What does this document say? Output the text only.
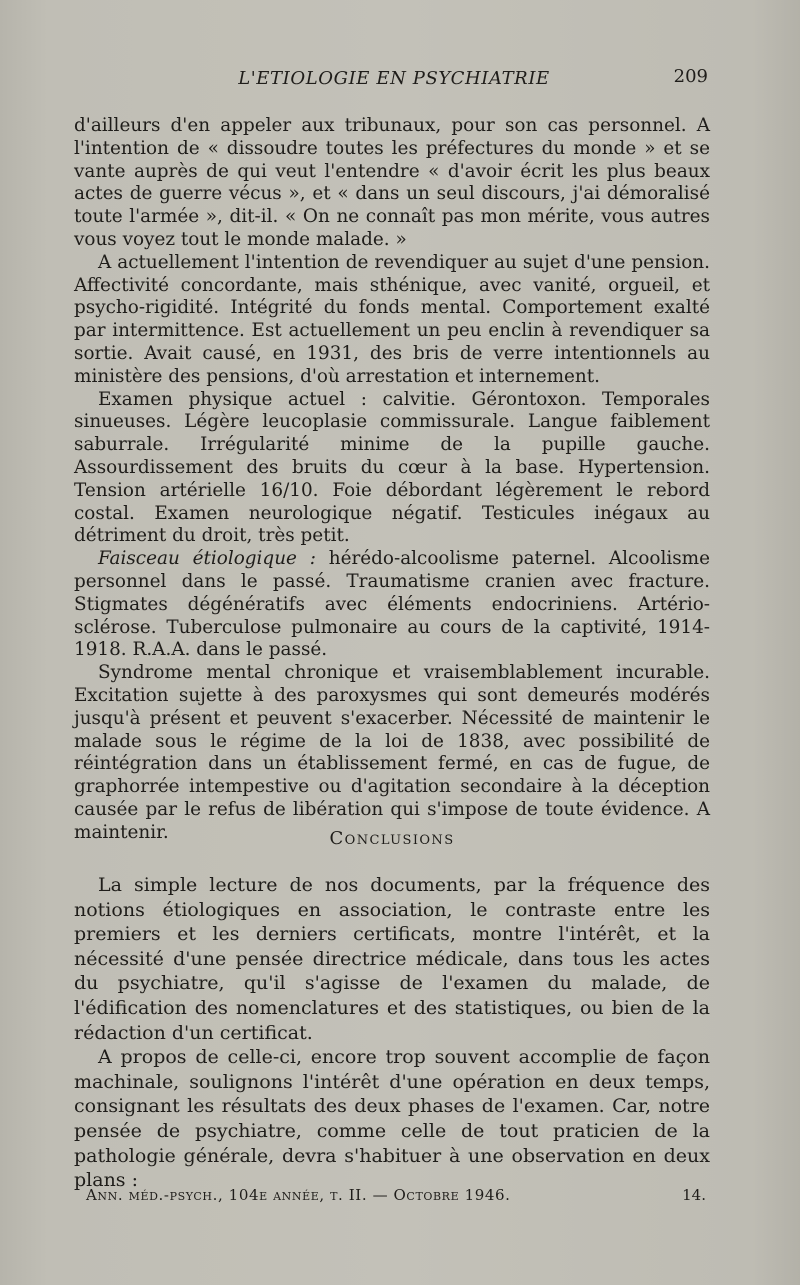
L'ETIOLOGIE EN PSYCHIATRIE	209

d'ailleurs d'en appeler aux tribunaux, pour son cas personnel. A l'intention de « dissoudre toutes les préfectures du monde » et se vante auprès de qui veut l'entendre « d'avoir écrit les plus beaux actes de guerre vécus », et « dans un seul discours, j'ai démoralisé toute l'armée », dit-il. « On ne connaît pas mon mérite, vous autres vous voyez tout le monde malade. »

A actuellement l'intention de revendiquer au sujet d'une pension. Affectivité concordante, mais sthénique, avec vanité, orgueil, et psycho-rigidité. Intégrité du fonds mental. Comportement exalté par intermittence. Est actuellement un peu enclin à revendiquer sa sortie. Avait causé, en 1931, des bris de verre intentionnels au ministère des pensions, d'où arrestation et internement.

Examen physique actuel : calvitie. Gérontoxon. Temporales sinueuses. Légère leucoplasie commissurale. Langue faiblement saburrale. Irrégularité minime de la pupille gauche. Assourdissement des bruits du cœur à la base. Hypertension. Tension artérielle 16/10. Foie débordant légèrement le rebord costal. Examen neurologique négatif. Testicules inégaux au détriment du droit, très petit.

Faisceau étiologique : hérédo-alcoolisme paternel. Alcoolisme personnel dans le passé. Traumatisme cranien avec fracture. Stigmates dégénératifs avec éléments endocriniens. Artério-sclérose. Tuberculose pulmonaire au cours de la captivité, 1914-1918. R.A.A. dans le passé.

Syndrome mental chronique et vraisemblablement incurable. Excitation sujette à des paroxysmes qui sont demeurés modérés jusqu'à présent et peuvent s'exacerber. Nécessité de maintenir le malade sous le régime de la loi de 1838, avec possibilité de réintégration dans un établissement fermé, en cas de fugue, de graphorrée intempestive ou d'agitation secondaire à la déception causée par le refus de libération qui s'impose de toute évidence. A maintenir.	Conclusions

La simple lecture de nos documents, par la fréquence des notions étiologiques en association, le contraste entre les premiers et les derniers certificats, montre l'intérêt, et la nécessité d'une pensée directrice médicale, dans tous les actes du psychiatre, qu'il s'agisse de l'examen du malade, de l'édification des nomenclatures et des statistiques, ou bien de la rédaction d'un certificat.

A propos de celle-ci, encore trop souvent accomplie de façon machinale, soulignons l'intérêt d'une opération en deux temps, consignant les résultats des deux phases de l'examen. Car, notre pensée de psychiatre, comme celle de tout praticien de la pathologie générale, devra s'habituer à une observation en deux plans :

Ann. méd.-psych., 104e année, t. II. — Octobre 1946.	14.
